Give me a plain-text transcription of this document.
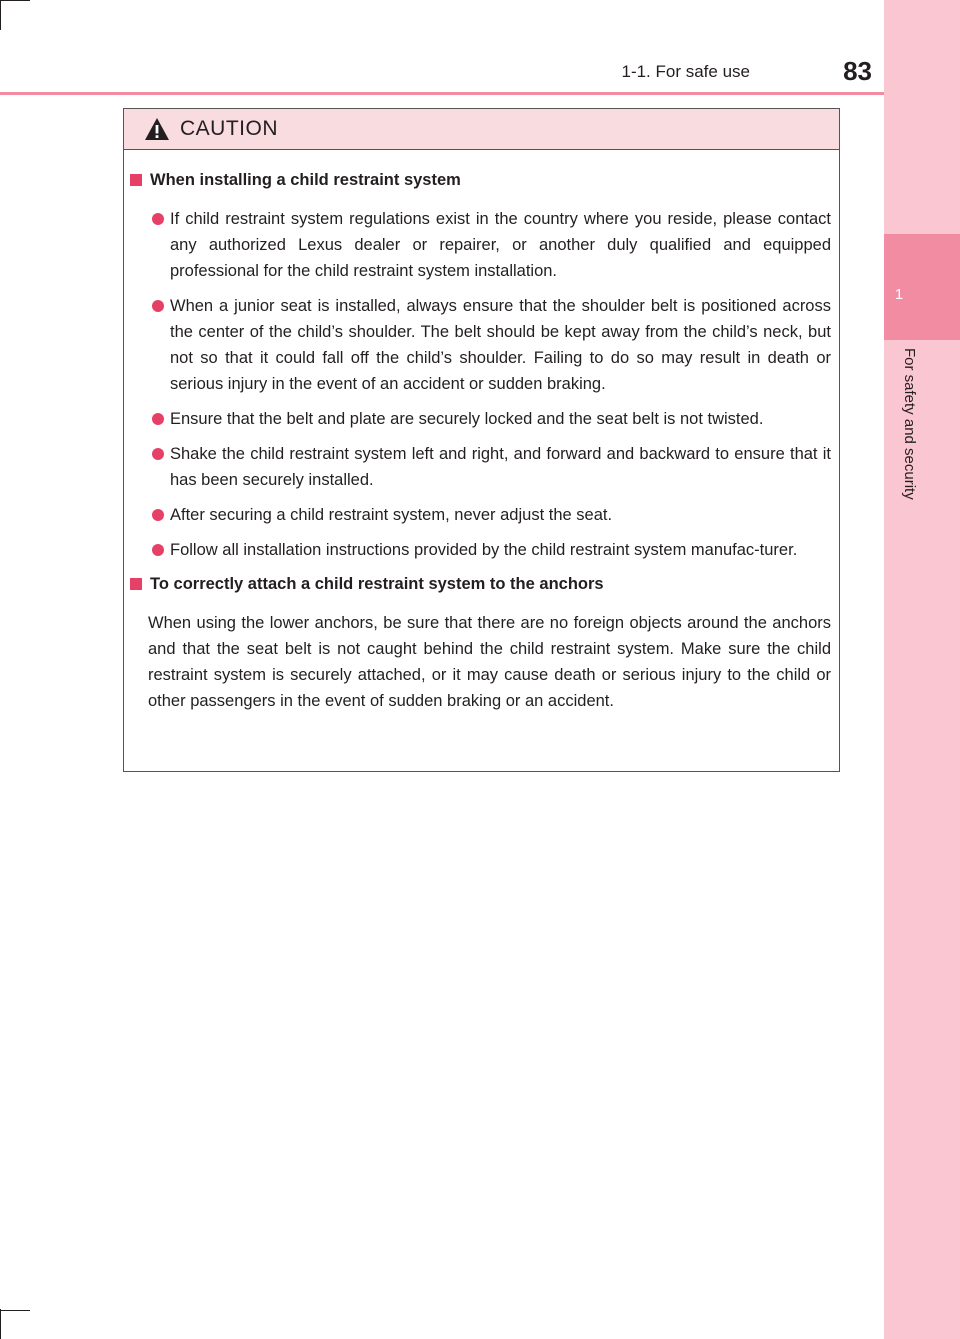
1
For safety and security
1-1. For safe use	83
CAUTION
When installing a child restraint system
If child restraint system regulations exist in the country where you reside, please contact any authorized Lexus dealer or repairer, or another duly qualified and equipped professional for the child restraint system installation.
When a junior seat is installed, always ensure that the shoulder belt is positioned across the center of the child’s shoulder. The belt should be kept away from the child’s neck, but not so that it could fall off the child’s shoulder. Failing to do so may result in death or serious injury in the event of an accident or sudden braking.
Ensure that the belt and plate are securely locked and the seat belt is not twisted.
Shake the child restraint system left and right, and forward and backward to ensure that it has been securely installed.
After securing a child restraint system, never adjust the seat.
Follow all installation instructions provided by the child restraint system manufac-turer.
To correctly attach a child restraint system to the anchors
When using the lower anchors, be sure that there are no foreign objects around the anchors and that the seat belt is not caught behind the child restraint system. Make sure the child restraint system is securely attached, or it may cause death or serious injury to the child or other passengers in the event of sudden braking or an accident.
